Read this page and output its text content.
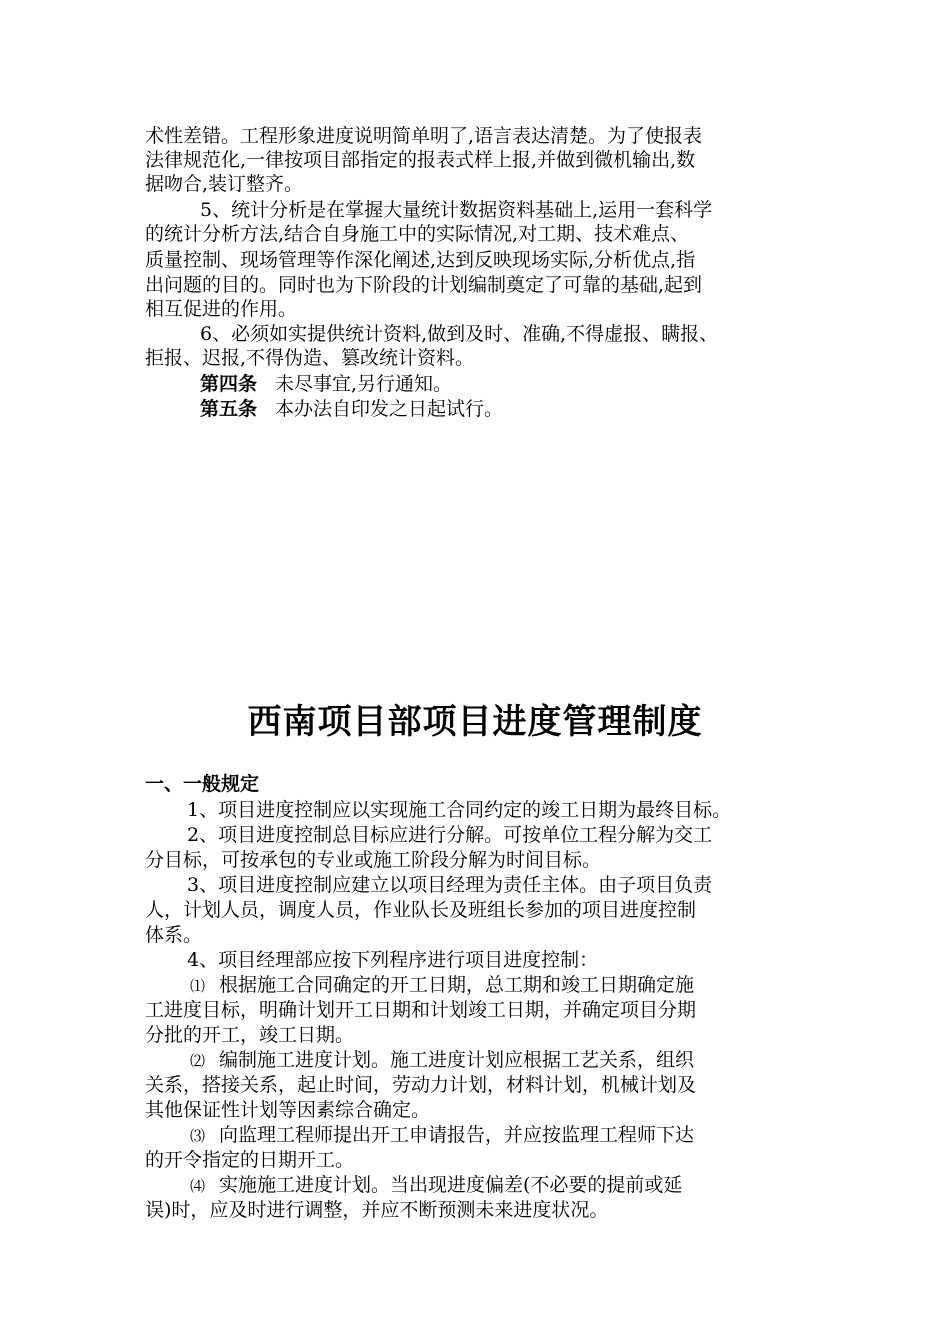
术性差错。工程形象进度说明简单明了,语言表达清楚。为了使报表

法律规范化,一律按项目部指定的报表式样上报,并做到微机输出,数

据吻合,装订整齐。

5、统计分析是在掌握大量统计数据资料基础上,运用一套科学

的统计分析方法,结合自身施工中的实际情况,对工期、技术难点、

质量控制、现场管理等作深化阐述,达到反映现场实际,分析优点,指

出问题的目的。同时也为下阶段的计划编制奠定了可靠的基础,起到

相互促进的作用。

6、必须如实提供统计资料,做到及时、准确,不得虚报、瞒报、

拒报、迟报,不得伪造、篡改统计资料。

第四条 未尽事宜,另行通知。

第五条 本办法自印发之日起试行。

西南项目部项目进度管理制度
一、一般规定

1、项目进度控制应以实现施工合同约定的竣工日期为最终目标。

2、项目进度控制总目标应进行分解。可按单位工程分解为交工

分目标，可按承包的专业或施工阶段分解为时间目标。

3、项目进度控制应建立以项目经理为责任主体。由子项目负责

人，计划人员，调度人员，作业队长及班组长参加的项目进度控制

体系。

4、项目经理部应按下列程序进行项目进度控制：

⑴ 根据施工合同确定的开工日期，总工期和竣工日期确定施

工进度目标，明确计划开工日期和计划竣工日期，并确定项目分期

分批的开工，竣工日期。

⑵ 编制施工进度计划。施工进度计划应根据工艺关系，组织

关系，搭接关系，起止时间，劳动力计划，材料计划，机械计划及

其他保证性计划等因素综合确定。

⑶ 向监理工程师提出开工申请报告，并应按监理工程师下达

的开令指定的日期开工。

⑷ 实施施工进度计划。当出现进度偏差(不必要的提前或延

误)时，应及时进行调整，并应不断预测未来进度状况。
